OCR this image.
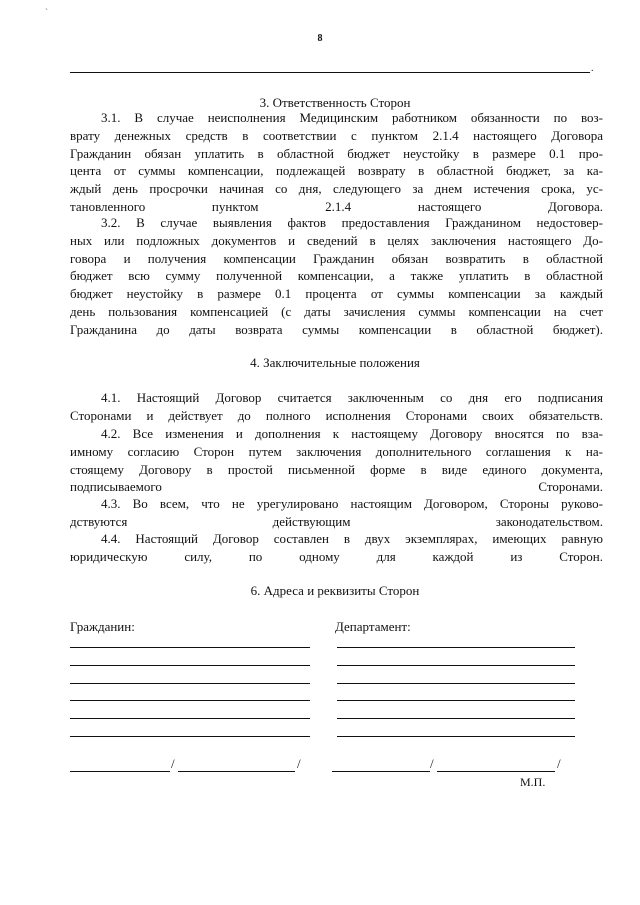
`
8
.
3. Ответственность Сторон
3.1. В случае неисполнения Медицинским работником обязанности по воз-
врату денежных средств в соответствии с пунктом 2.1.4 настоящего Договора
Гражданин обязан уплатить в областной бюджет неустойку в размере 0.1 про-
цента от суммы компенсации, подлежащей возврату в областной бюджет, за ка-
ждый день просрочки начиная со дня, следующего за днем истечения срока, ус-
тановленного пунктом 2.1.4 настоящего Договора.
3.2. В случае выявления фактов предоставления Гражданином недостовер-
ных или подложных документов и сведений в целях заключения настоящего До-
говора и получения компенсации Гражданин обязан возвратить в областной
бюджет всю сумму полученной компенсации, а также уплатить в областной
бюджет неустойку в размере 0.1 процента от суммы компенсации за каждый
день пользования компенсацией (с даты зачисления суммы компенсации на счет
Гражданина до даты возврата суммы компенсации в областной бюджет).
4. Заключительные положения
4.1. Настоящий Договор считается заключенным со дня его подписания
Сторонами и действует до полного исполнения Сторонами своих обязательств.
4.2. Все изменения и дополнения к настоящему Договору вносятся по вза-
имному согласию Сторон путем заключения дополнительного соглашения к на-
стоящему Договору в простой письменной форме в виде единого документа,
подписываемого Сторонами.
4.3. Во всем, что не урегулировано настоящим Договором, Стороны руково-
дствуются действующим законодательством.
4.4. Настоящий Договор составлен в двух экземплярах, имеющих равную
юридическую силу, по одному для каждой из Сторон.
6. Адреса и реквизиты Сторон
Гражданин:	Департамент:
/	/	/	/
М.П.
